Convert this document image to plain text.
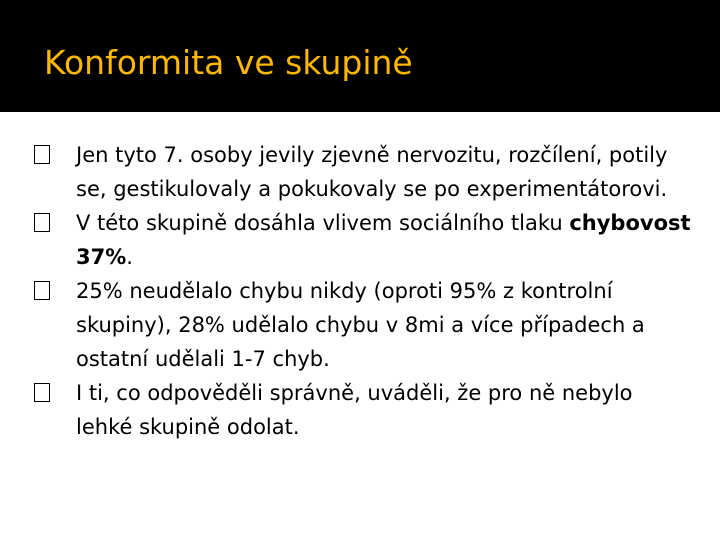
Konformita ve skupině
Jen tyto 7. osoby jevily zjevně nervozitu, rozčílení, potily se, gestikulovaly a pokukovaly se po experimentátorovi.
V této skupině dosáhla vlivem sociálního tlaku chybovost 37%.
25% neudělalo chybu nikdy (oproti 95% z kontrolní skupiny), 28% udělalo chybu v 8mi a více případech a ostatní udělali 1-7 chyb.
I ti, co odpověděli správně, uváděli, že pro ně nebylo lehké skupině odolat.
